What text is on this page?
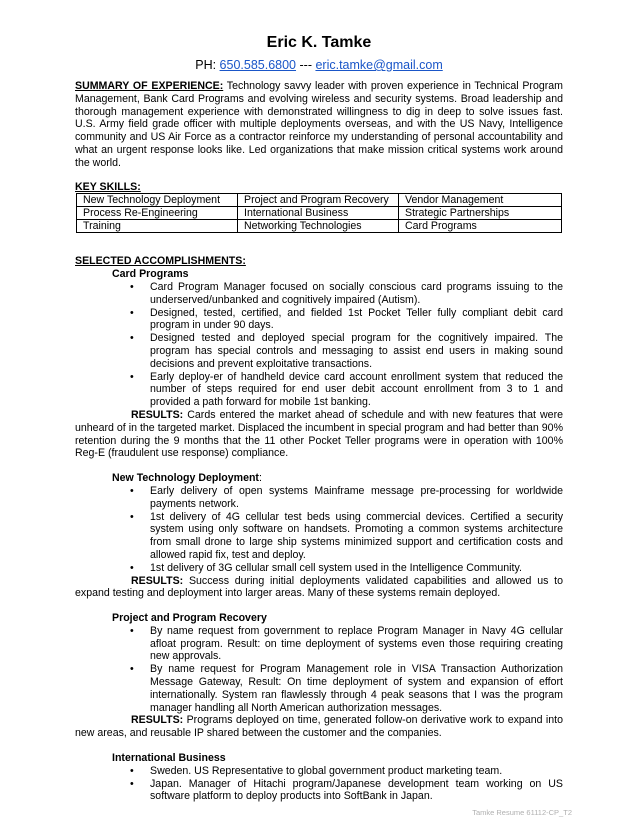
Eric K. Tamke
PH: 650.585.6800 --- eric.tamke@gmail.com
SUMMARY OF EXPERIENCE: Technology savvy leader with proven experience in Technical Program Management, Bank Card Programs and evolving wireless and security systems. Broad leadership and thorough management experience with demonstrated willingness to dig in deep to solve issues fast. U.S. Army field grade officer with multiple deployments overseas, and with the US Navy, Intelligence community and US Air Force as a contractor reinforce my understanding of personal accountability and what an urgent response looks like. Led organizations that make mission critical systems work around the world.
KEY SKILLS:
New Technology Deployment	Project and Program Recovery	Vendor Management
Process Re-Engineering	International Business	Strategic Partnerships
Training	Networking Technologies	Card Programs
SELECTED ACCOMPLISHMENTS:
Card Programs
• Card Program Manager focused on socially conscious card programs issuing to the underserved/unbanked and cognitively impaired (Autism).
• Designed, tested, certified, and fielded 1st Pocket Teller fully compliant debit card program in under 90 days.
• Designed tested and deployed special program for the cognitively impaired. The program has special controls and messaging to assist end users in making sound decisions and prevent exploitative transactions.
• Early deploy-er of handheld device card account enrollment system that reduced the number of steps required for end user debit account enrollment from 3 to 1 and provided a path forward for mobile 1st banking.
RESULTS: Cards entered the market ahead of schedule and with new features that were unheard of in the targeted market. Displaced the incumbent in special program and had better than 90% retention during the 9 months that the 11 other Pocket Teller programs were in operation with 100% Reg-E (fraudulent use response) compliance.
New Technology Deployment:
• Early delivery of open systems Mainframe message pre-processing for worldwide payments network.
• 1st delivery of 4G cellular test beds using commercial devices. Certified a security system using only software on handsets. Promoting a common systems architecture from small drone to large ship systems minimized support and certification costs and allowed rapid fix, test and deploy.
• 1st delivery of 3G cellular small cell system used in the Intelligence Community.
RESULTS: Success during initial deployments validated capabilities and allowed us to expand testing and deployment into larger areas. Many of these systems remain deployed.
Project and Program Recovery
• By name request from government to replace Program Manager in Navy 4G cellular afloat program. Result: on time deployment of systems even those requiring creating new approvals.
• By name request for Program Management role in VISA Transaction Authorization Message Gateway, Result: On time deployment of system and expansion of effort internationally. System ran flawlessly through 4 peak seasons that I was the program manager handling all North American authorization messages.
RESULTS: Programs deployed on time, generated follow-on derivative work to expand into new areas, and reusable IP shared between the customer and the companies.
International Business
• Sweden. US Representative to global government product marketing team.
• Japan. Manager of Hitachi program/Japanese development team working on US software platform to deploy products into SoftBank in Japan.
Tamke Resume 61112-CP_T2
